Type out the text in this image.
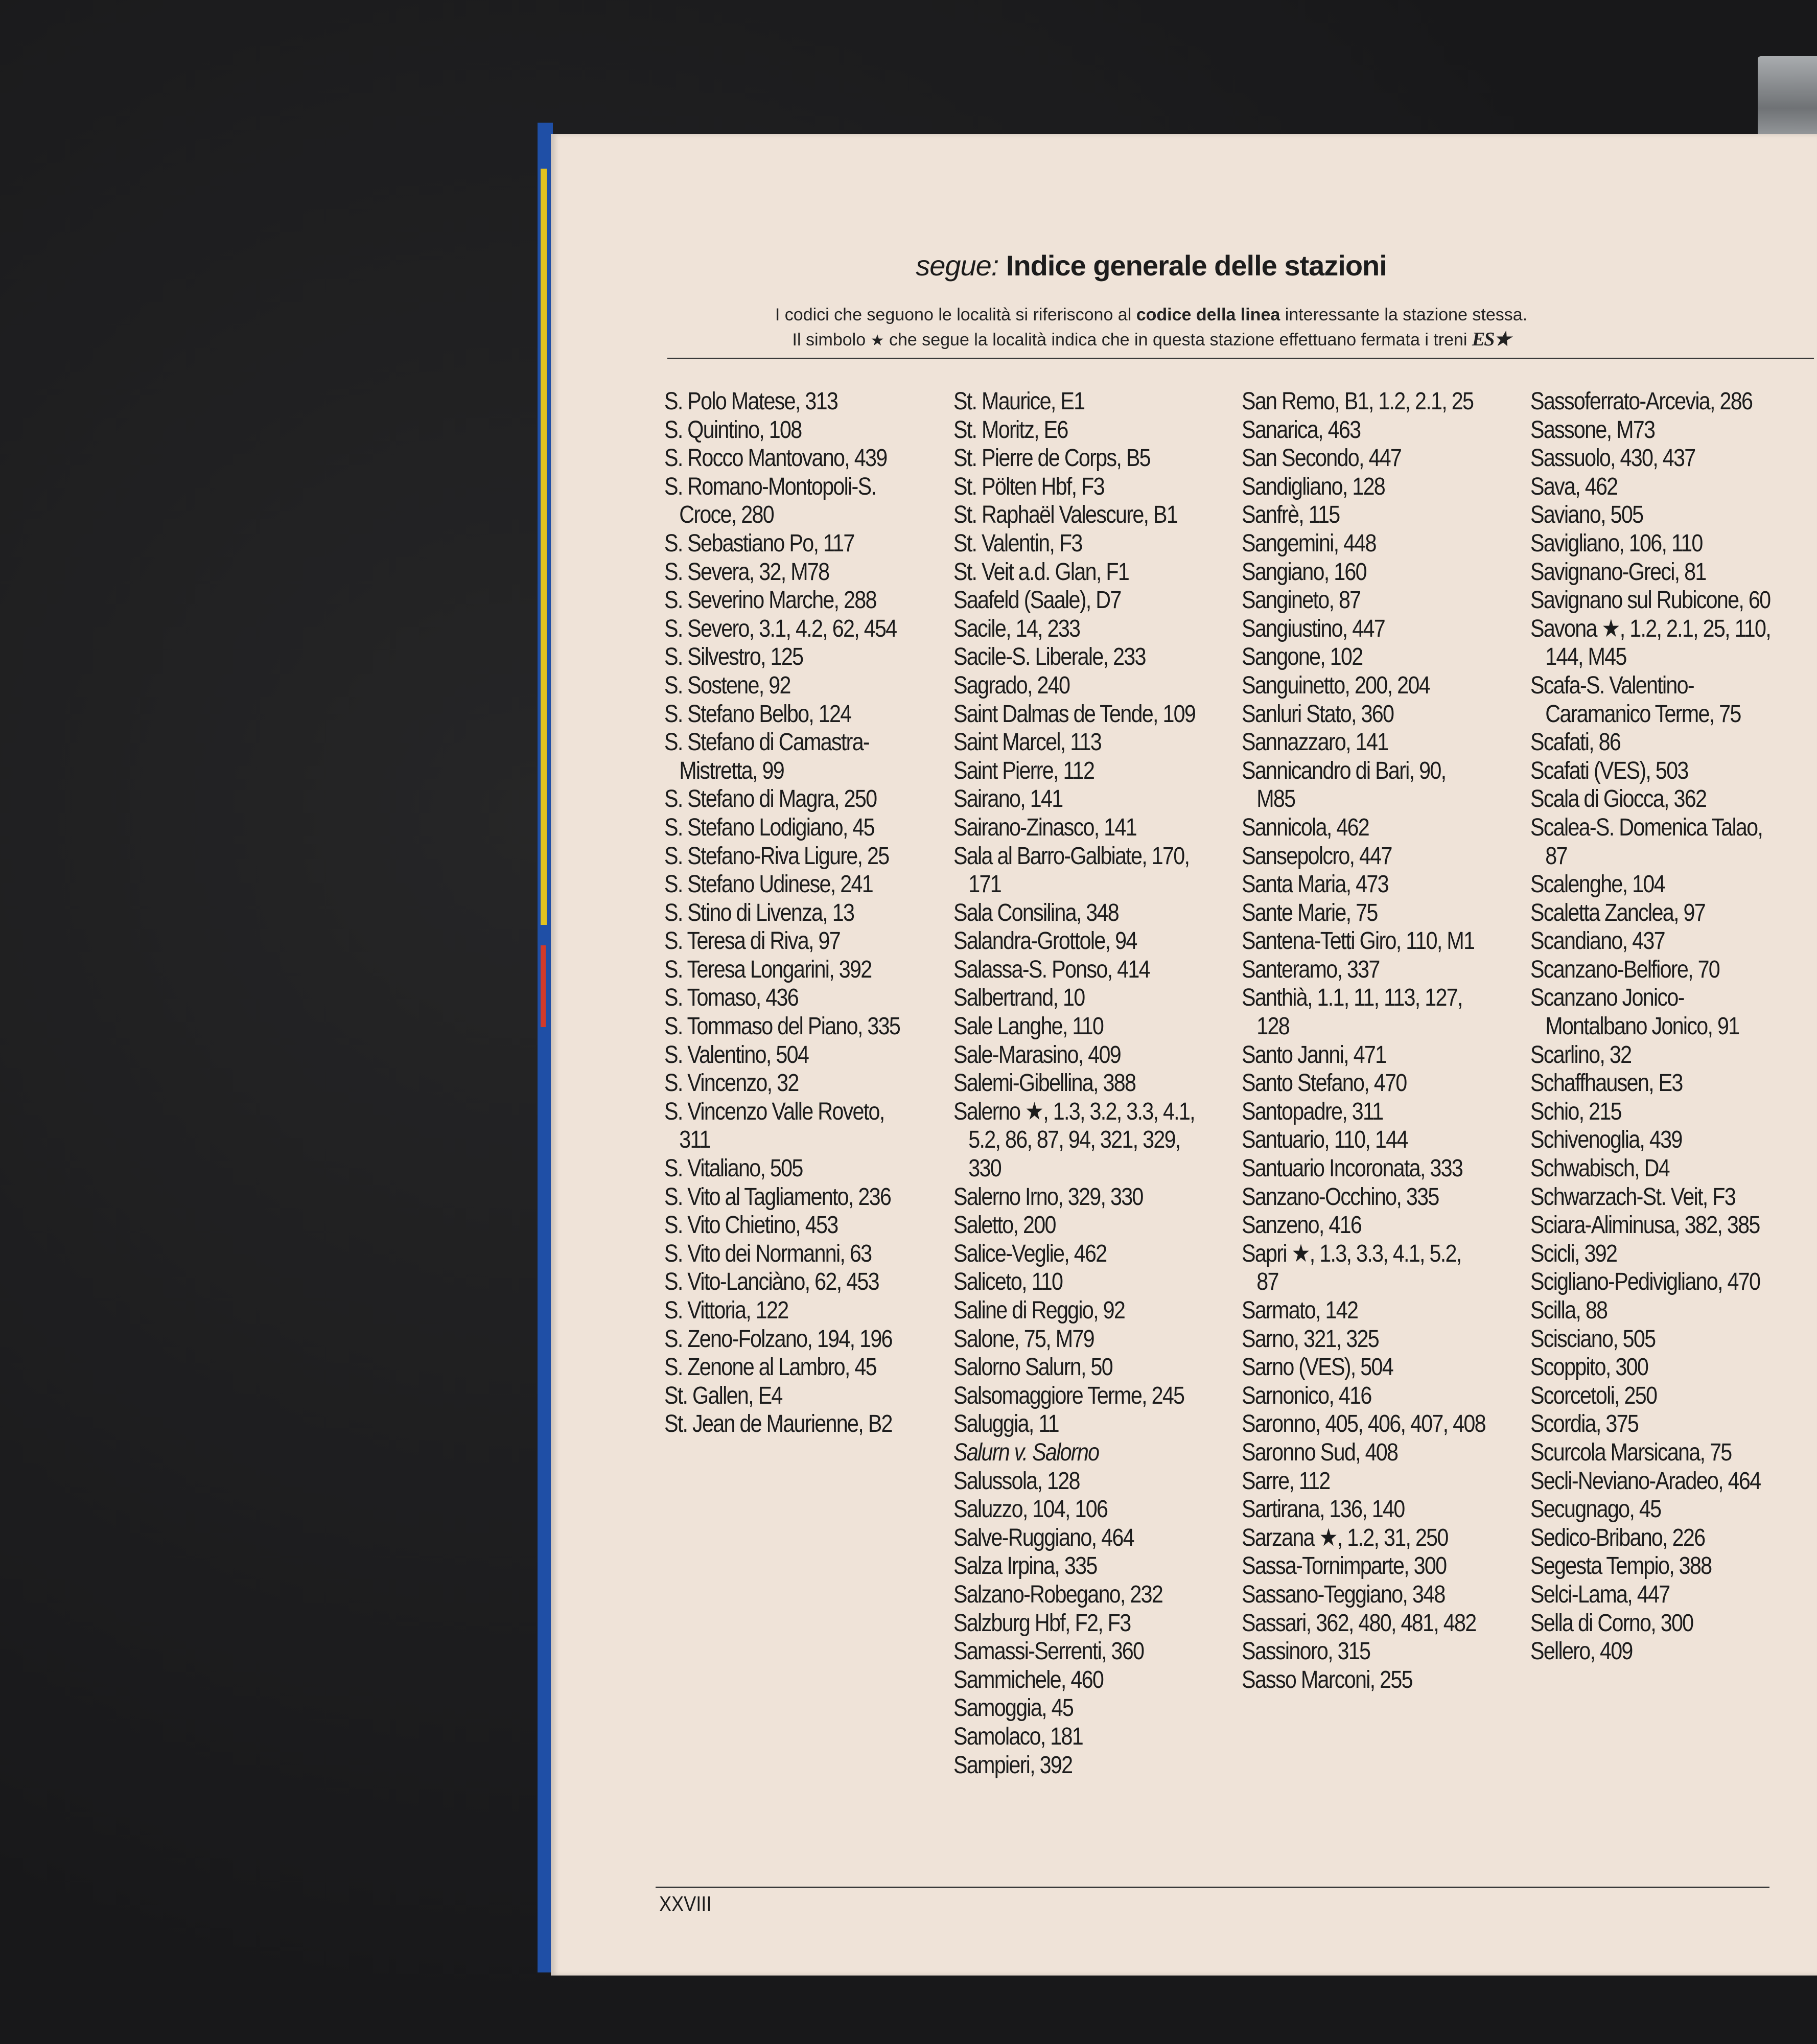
segue: Indice generale delle stazioni
I codici che seguono le località si riferiscono al codice della linea interessante la stazione stessa.
Il simbolo ★ che segue la località indica che in questa stazione effettuano fermata i treni ES★
S. Polo Matese, 313
S. Quintino, 108
S. Rocco Mantovano, 439
S. Romano-Montopoli-S. Croce, 280
S. Sebastiano Po, 117
S. Severa, 32, M78
S. Severino Marche, 288
S. Severo, 3.1, 4.2, 62, 454
S. Silvestro, 125
S. Sostene, 92
S. Stefano Belbo, 124
S. Stefano di Camastra-Mistretta, 99
S. Stefano di Magra, 250
S. Stefano Lodigiano, 45
S. Stefano-Riva Ligure, 25
S. Stefano Udinese, 241
S. Stino di Livenza, 13
S. Teresa di Riva, 97
S. Teresa Longarini, 392
S. Tomaso, 436
S. Tommaso del Piano, 335
S. Valentino, 504
S. Vincenzo, 32
S. Vincenzo Valle Roveto, 311
S. Vitaliano, 505
S. Vito al Tagliamento, 236
S. Vito Chietino, 453
S. Vito dei Normanni, 63
S. Vito-Lanciàno, 62, 453
S. Vittoria, 122
S. Zeno-Folzano, 194, 196
S. Zenone al Lambro, 45
St. Gallen, E4
St. Jean de Maurienne, B2
St. Maurice, E1
St. Moritz, E6
St. Pierre de Corps, B5
St. Pölten Hbf, F3
St. Raphaël Valescure, B1
St. Valentin, F3
St. Veit a.d. Glan, F1
Saafeld (Saale), D7
Sacile, 14, 233
Sacile-S. Liberale, 233
Sagrado, 240
Saint Dalmas de Tende, 109
Saint Marcel, 113
Saint Pierre, 112
Sairano, 141
Sairano-Zinasco, 141
Sala al Barro-Galbiate, 170, 171
Sala Consilina, 348
Salandra-Grottole, 94
Salassa-S. Ponso, 414
Salbertrand, 10
Sale Langhe, 110
Sale-Marasino, 409
Salemi-Gibellina, 388
Salerno ★, 1.3, 3.2, 3.3, 4.1, 5.2, 86, 87, 94, 321, 329, 330
Salerno Irno, 329, 330
Saletto, 200
Salice-Veglie, 462
Saliceto, 110
Saline di Reggio, 92
Salone, 75, M79
Salorno Salurn, 50
Salsomaggiore Terme, 245
Saluggia, 11
Salurn v. Salorno
Salussola, 128
Saluzzo, 104, 106
Salve-Ruggiano, 464
Salza Irpina, 335
Salzano-Robegano, 232
Salzburg Hbf, F2, F3
Samassi-Serrenti, 360
Sammichele, 460
Samoggia, 45
Samolaco, 181
Sampieri, 392
San Remo, B1, 1.2, 2.1, 25
Sanarica, 463
San Secondo, 447
Sandigliano, 128
Sanfrè, 115
Sangemini, 448
Sangiano, 160
Sangineto, 87
Sangiustino, 447
Sangone, 102
Sanguinetto, 200, 204
Sanluri Stato, 360
Sannazzaro, 141
Sannicandro di Bari, 90, M85
Sannicola, 462
Sansepolcro, 447
Santa Maria, 473
Sante Marie, 75
Santena-Tetti Giro, 110, M1
Santeramo, 337
Santhià, 1.1, 11, 113, 127, 128
Santo Janni, 471
Santo Stefano, 470
Santopadre, 311
Santuario, 110, 144
Santuario Incoronata, 333
Sanzano-Occhino, 335
Sanzeno, 416
Sapri ★, 1.3, 3.3, 4.1, 5.2, 87
Sarmato, 142
Sarno, 321, 325
Sarno (VES), 504
Sarnonico, 416
Saronno, 405, 406, 407, 408
Saronno Sud, 408
Sarre, 112
Sartirana, 136, 140
Sarzana ★, 1.2, 31, 250
Sassa-Tornimparte, 300
Sassano-Teggiano, 348
Sassari, 362, 480, 481, 482
Sassinoro, 315
Sasso Marconi, 255
Sassoferrato-Arcevia, 286
Sassone, M73
Sassuolo, 430, 437
Sava, 462
Saviano, 505
Savigliano, 106, 110
Savignano-Greci, 81
Savignano sul Rubicone, 60
Savona ★, 1.2, 2.1, 25, 110, 144, M45
Scafa-S. Valentino-Caramanico Terme, 75
Scafati, 86
Scafati (VES), 503
Scala di Giocca, 362
Scalea-S. Domenica Talao, 87
Scalenghe, 104
Scaletta Zanclea, 97
Scandiano, 437
Scanzano-Belfiore, 70
Scanzano Jonico-Montalbano Jonico, 91
Scarlino, 32
Schaffhausen, E3
Schio, 215
Schivenoglia, 439
Schwabisch, D4
Schwarzach-St. Veit, F3
Sciara-Aliminusa, 382, 385
Scicli, 392
Scigliano-Pedivigliano, 470
Scilla, 88
Scisciano, 505
Scoppito, 300
Scorcetoli, 250
Scordia, 375
Scurcola Marsicana, 75
Secli-Neviano-Aradeo, 464
Secugnago, 45
Sedico-Bribano, 226
Segesta Tempio, 388
Selci-Lama, 447
Sella di Corno, 300
Sellero, 409
XXVIII
